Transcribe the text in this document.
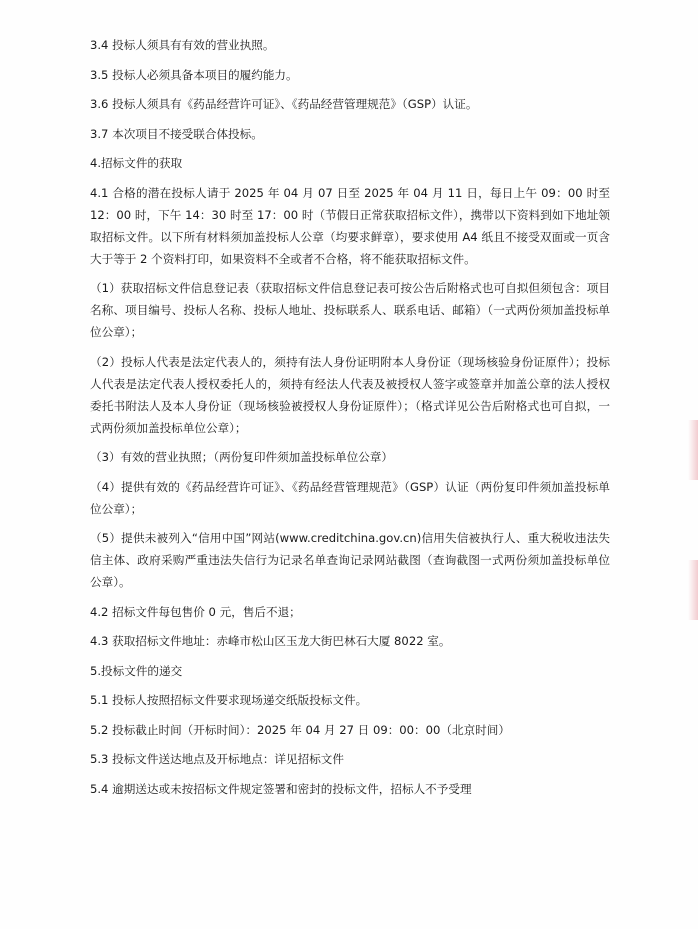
3.4 投标人须具有有效的营业执照。

3.5 投标人必须具备本项目的履约能力。

3.6 投标人须具有《药品经营许可证》、《药品经营管理规范》（GSP）认证。

3.7 本次项目不接受联合体投标。

4.招标文件的获取

4.1 合格的潜在投标人请于 2025 年 04 月 07 日至 2025 年 04 月 11 日，每日上午 09：00 时至 12：00 时，下午 14：30 时至 17：00 时（节假日正常获取招标文件），携带以下资料到如下地址领取招标文件。以下所有材料须加盖投标人公章（均要求鲜章），要求使用 A4 纸且不接受双面或一页含大于等于 2 个资料打印，如果资料不全或者不合格，将不能获取招标文件。

（1）获取招标文件信息登记表（获取招标文件信息登记表可按公告后附格式也可自拟但须包含：项目名称、项目编号、投标人名称、投标人地址、投标联系人、联系电话、邮箱）（一式两份须加盖投标单位公章）；

（2）投标人代表是法定代表人的，须持有法人身份证明附本人身份证（现场核验身份证原件）；投标人代表是法定代表人授权委托人的，须持有经法人代表及被授权人签字或签章并加盖公章的法人授权委托书附法人及本人身份证（现场核验被授权人身份证原件）；（格式详见公告后附格式也可自拟，一式两份须加盖投标单位公章）；

（3）有效的营业执照；（两份复印件须加盖投标单位公章）

（4）提供有效的《药品经营许可证》、《药品经营管理规范》（GSP）认证（两份复印件须加盖投标单位公章）；

（5）提供未被列入“信用中国”网站(www.creditchina.gov.cn)信用失信被执行人、重大税收违法失信主体、政府采购严重违法失信行为记录名单查询记录网站截图（查询截图一式两份须加盖投标单位公章）。

4.2 招标文件每包售价 0 元，售后不退；

4.3 获取招标文件地址：赤峰市松山区玉龙大街巴林石大厦 8022 室。

5.投标文件的递交

5.1 投标人按照招标文件要求现场递交纸版投标文件。

5.2 投标截止时间（开标时间）：2025 年 04 月 27 日 09：00：00（北京时间）

5.3 投标文件送达地点及开标地点：详见招标文件

5.4 逾期送达或未按招标文件规定签署和密封的投标文件，招标人不予受理
